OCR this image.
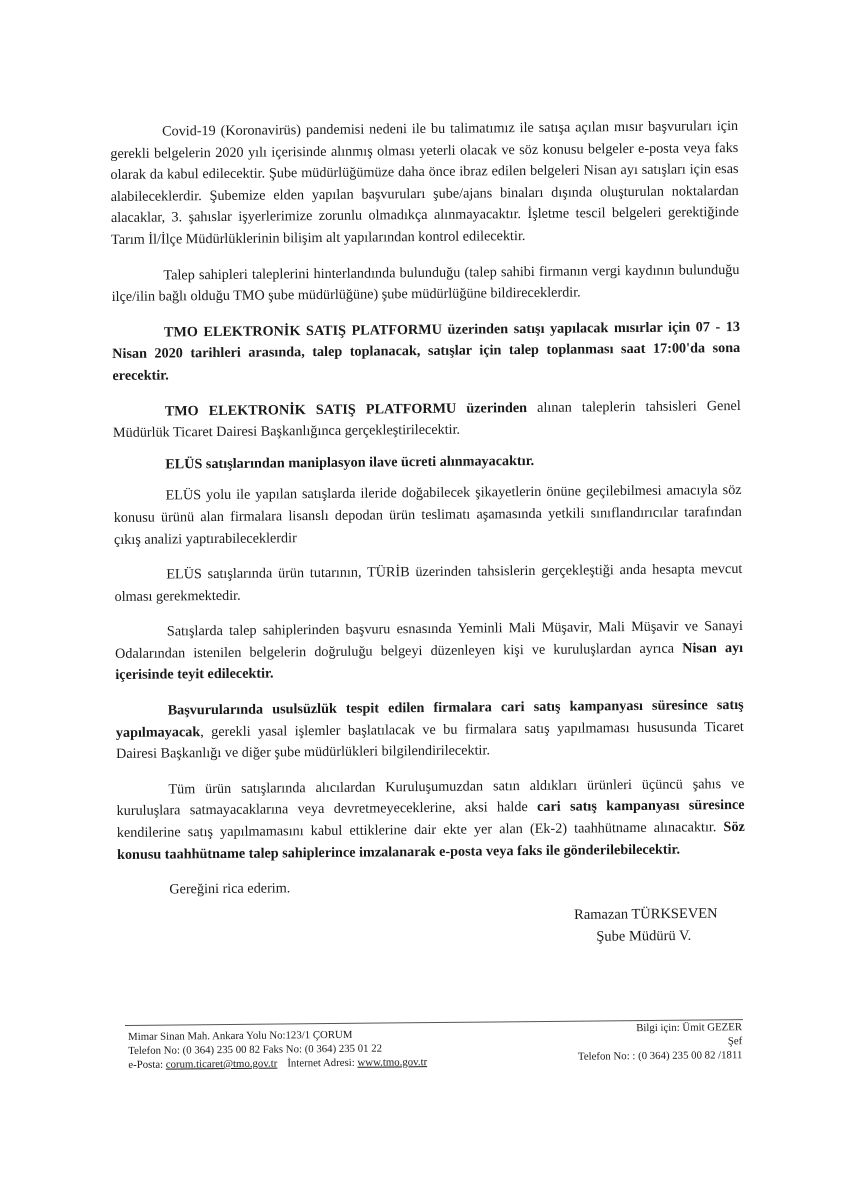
Covid-19 (Koronavirüs) pandemisi nedeni ile bu talimatımız ile satışa açılan mısır başvuruları için gerekli belgelerin 2020 yılı içerisinde alınmış olması yeterli olacak ve söz konusu belgeler e-posta veya faks olarak da kabul edilecektir. Şube müdürlüğümüze daha önce ibraz edilen belgeleri Nisan ayı satışları için esas alabileceklerdir. Şubemize elden yapılan başvuruları şube/ajans binaları dışında oluşturulan noktalardan alacaklar, 3. şahıslar işyerlerimize zorunlu olmadıkça alınmayacaktır. İşletme tescil belgeleri gerektiğinde Tarım İl/İlçe Müdürlüklerinin bilişim alt yapılarından kontrol edilecektir.

Talep sahipleri taleplerini hinterlandında bulunduğu (talep sahibi firmanın vergi kaydının bulunduğu ilçe/ilin bağlı olduğu TMO şube müdürlüğüne) şube müdürlüğüne bildireceklerdir.

TMO ELEKTRONİK SATIŞ PLATFORMU üzerinden satışı yapılacak mısırlar için 07 - 13 Nisan 2020 tarihleri arasında, talep toplanacak, satışlar için talep toplanması saat 17:00'da sona erecektir.

TMO ELEKTRONİK SATIŞ PLATFORMU üzerinden alınan taleplerin tahsisleri Genel Müdürlük Ticaret Dairesi Başkanlığınca gerçekleştirilecektir.

ELÜS satışlarından maniplasyon ilave ücreti alınmayacaktır.

ELÜS yolu ile yapılan satışlarda ileride doğabilecek şikayetlerin önüne geçilebilmesi amacıyla söz konusu ürünü alan firmalara lisanslı depodan ürün teslimatı aşamasında yetkili sınıflandırıcılar tarafından çıkış analizi yaptırabileceklerdir

ELÜS satışlarında ürün tutarının, TÜRİB üzerinden tahsislerin gerçekleştiği anda hesapta mevcut olması gerekmektedir.

Satışlarda talep sahiplerinden başvuru esnasında Yeminli Mali Müşavir, Mali Müşavir ve Sanayi Odalarından istenilen belgelerin doğruluğu belgeyi düzenleyen kişi ve kuruluşlardan ayrıca Nisan ayı içerisinde teyit edilecektir.

Başvurularında usulsüzlük tespit edilen firmalara cari satış kampanyası süresince satış yapılmayacak, gerekli yasal işlemler başlatılacak ve bu firmalara satış yapılmaması hususunda Ticaret Dairesi Başkanlığı ve diğer şube müdürlükleri bilgilendirilecektir.

Tüm ürün satışlarında alıcılardan Kuruluşumuzdan satın aldıkları ürünleri üçüncü şahıs ve kuruluşlara satmayacaklarına veya devretmeyeceklerine, aksi halde cari satış kampanyası süresince kendilerine satış yapılmamasını kabul ettiklerine dair ekte yer alan (Ek-2) taahhütname alınacaktır. Söz konusu taahhütname talep sahiplerince imzalanarak e-posta veya faks ile gönderilebilecektir.

Gereğini rica ederim.

Ramazan TÜRKSEVEN
Şube Müdürü V.
Mimar Sinan Mah. Ankara Yolu No:123/1 ÇORUM
Telefon No: (0 364) 235 00 82 Faks No: (0 364) 235 01 22
e-Posta: corum.ticaret@tmo.gov.tr İnternet Adresi: www.tmo.gov.tr
Bilgi için: Ümit GEZER
Şef
Telefon No: : (0 364) 235 00 82 /1811
